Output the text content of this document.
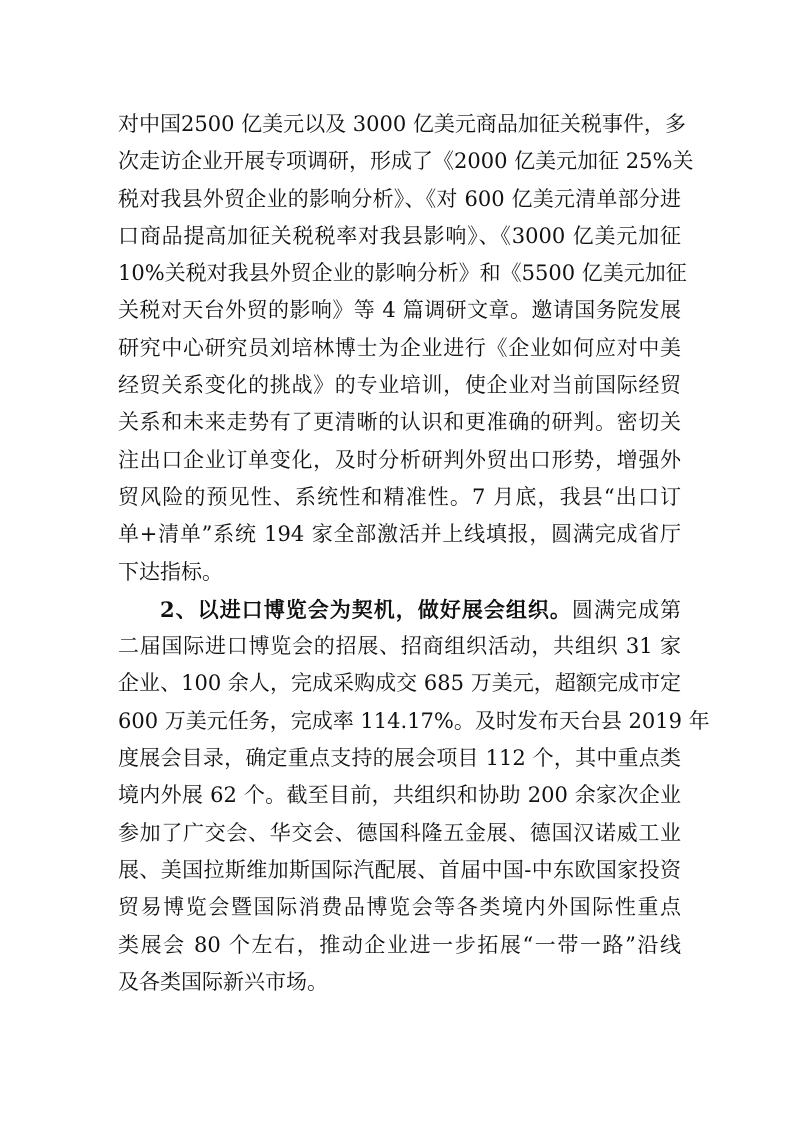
对中国2500 亿美元以及 3000 亿美元商品加征关税事件，多
次走访企业开展专项调研，形成了《2000 亿美元加征 25%关
税对我县外贸企业的影响分析》、《对 600 亿美元清单部分进
口商品提高加征关税税率对我县影响》、《3000 亿美元加征
10%关税对我县外贸企业的影响分析》和《5500 亿美元加征
关税对天台外贸的影响》等 4 篇调研文章。邀请国务院发展
研究中心研究员刘培林博士为企业进行《企业如何应对中美
经贸关系变化的挑战》的专业培训，使企业对当前国际经贸
关系和未来走势有了更清晰的认识和更准确的研判。密切关
注出口企业订单变化，及时分析研判外贸出口形势，增强外
贸风险的预见性、系统性和精准性。7 月底，我县“出口订
单+清单”系统 194 家全部激活并上线填报，圆满完成省厅
下达指标。
2、以进口博览会为契机，做好展会组织。圆满完成第
二届国际进口博览会的招展、招商组织活动，共组织 31 家
企业、100 余人，完成采购成交 685 万美元，超额完成市定
600 万美元任务，完成率 114.17%。及时发布天台县 2019 年
度展会目录，确定重点支持的展会项目 112 个，其中重点类
境内外展 62 个。截至目前，共组织和协助 200 余家次企业
参加了广交会、华交会、德国科隆五金展、德国汉诺威工业
展、美国拉斯维加斯国际汽配展、首届中国-中东欧国家投资
贸易博览会暨国际消费品博览会等各类境内外国际性重点
类展会 80 个左右，推动企业进一步拓展“一带一路”沿线
及各类国际新兴市场。
